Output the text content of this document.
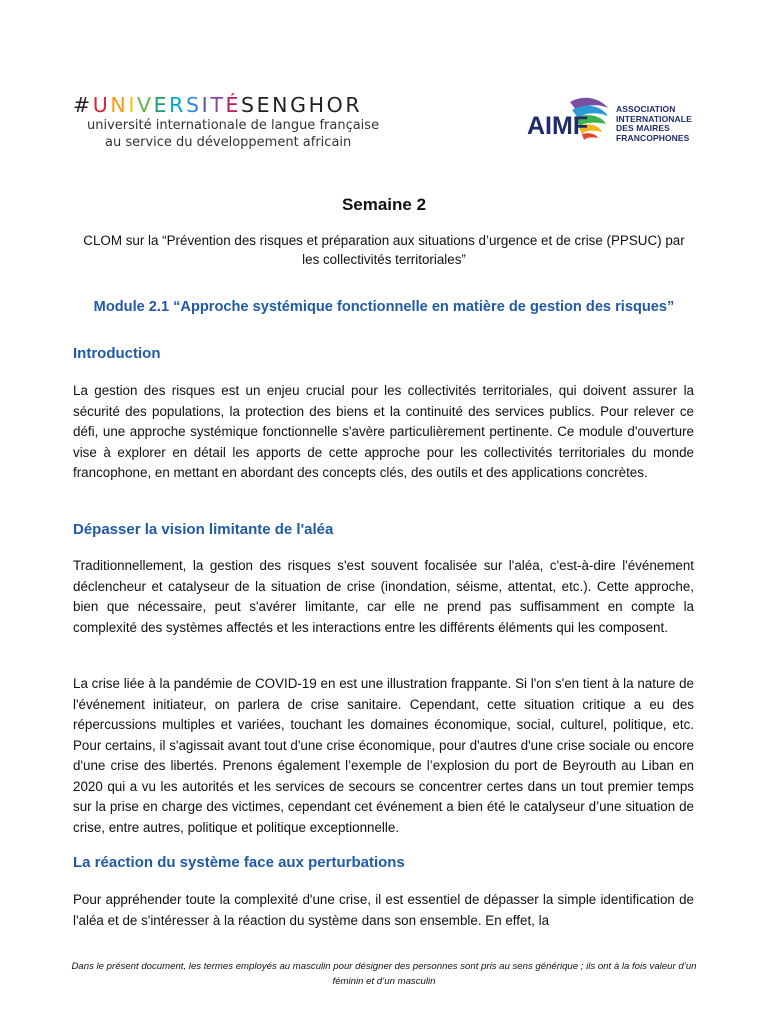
#UNIVERSITÉSENGHOR
université internationale de langue française
au service du développement africain
AIMF
ASSOCIATION
INTERNATIONALE
DES MAIRES
FRANCOPHONES
Semaine 2
CLOM sur la “Prévention des risques et préparation aux situations d’urgence et de crise (PPSUC) par les collectivités territoriales”
Module 2.1 “Approche systémique fonctionnelle en matière de gestion des risques”
Introduction
La gestion des risques est un enjeu crucial pour les collectivités territoriales, qui doivent assurer la sécurité des populations, la protection des biens et la continuité des services publics. Pour relever ce défi, une approche systémique fonctionnelle s'avère particulièrement pertinente. Ce module d'ouverture vise à explorer en détail les apports de cette approche pour les collectivités territoriales du monde francophone, en mettant en abordant des concepts clés, des outils et des applications concrètes.
Dépasser la vision limitante de l'aléa
Traditionnellement, la gestion des risques s'est souvent focalisée sur l'aléa, c'est-à-dire l'événement déclencheur et catalyseur de la situation de crise (inondation, séisme, attentat, etc.). Cette approche, bien que nécessaire, peut s'avérer limitante, car elle ne prend pas suffisamment en compte la complexité des systèmes affectés et les interactions entre les différents éléments qui les composent.
La crise liée à la pandémie de COVID-19 en est une illustration frappante. Si l'on s'en tient à la nature de l'événement initiateur, on parlera de crise sanitaire. Cependant, cette situation critique a eu des répercussions multiples et variées, touchant les domaines économique, social, culturel, politique, etc. Pour certains, il s'agissait avant tout d'une crise économique, pour d'autres d'une crise sociale ou encore d'une crise des libertés. Prenons également l’exemple de l’explosion du port de Beyrouth au Liban en 2020 qui a vu les autorités et les services de secours se concentrer certes dans un tout premier temps sur la prise en charge des victimes, cependant cet événement a bien été le catalyseur d’une situation de crise, entre autres, politique et politique exceptionnelle.
La réaction du système face aux perturbations
Pour appréhender toute la complexité d'une crise, il est essentiel de dépasser la simple identification de l'aléa et de s'intéresser à la réaction du système dans son ensemble. En effet, la
Dans le présent document, les termes employés au masculin pour désigner des personnes sont pris au sens générique ; ils ont à la fois valeur d’un féminin et d’un masculin
